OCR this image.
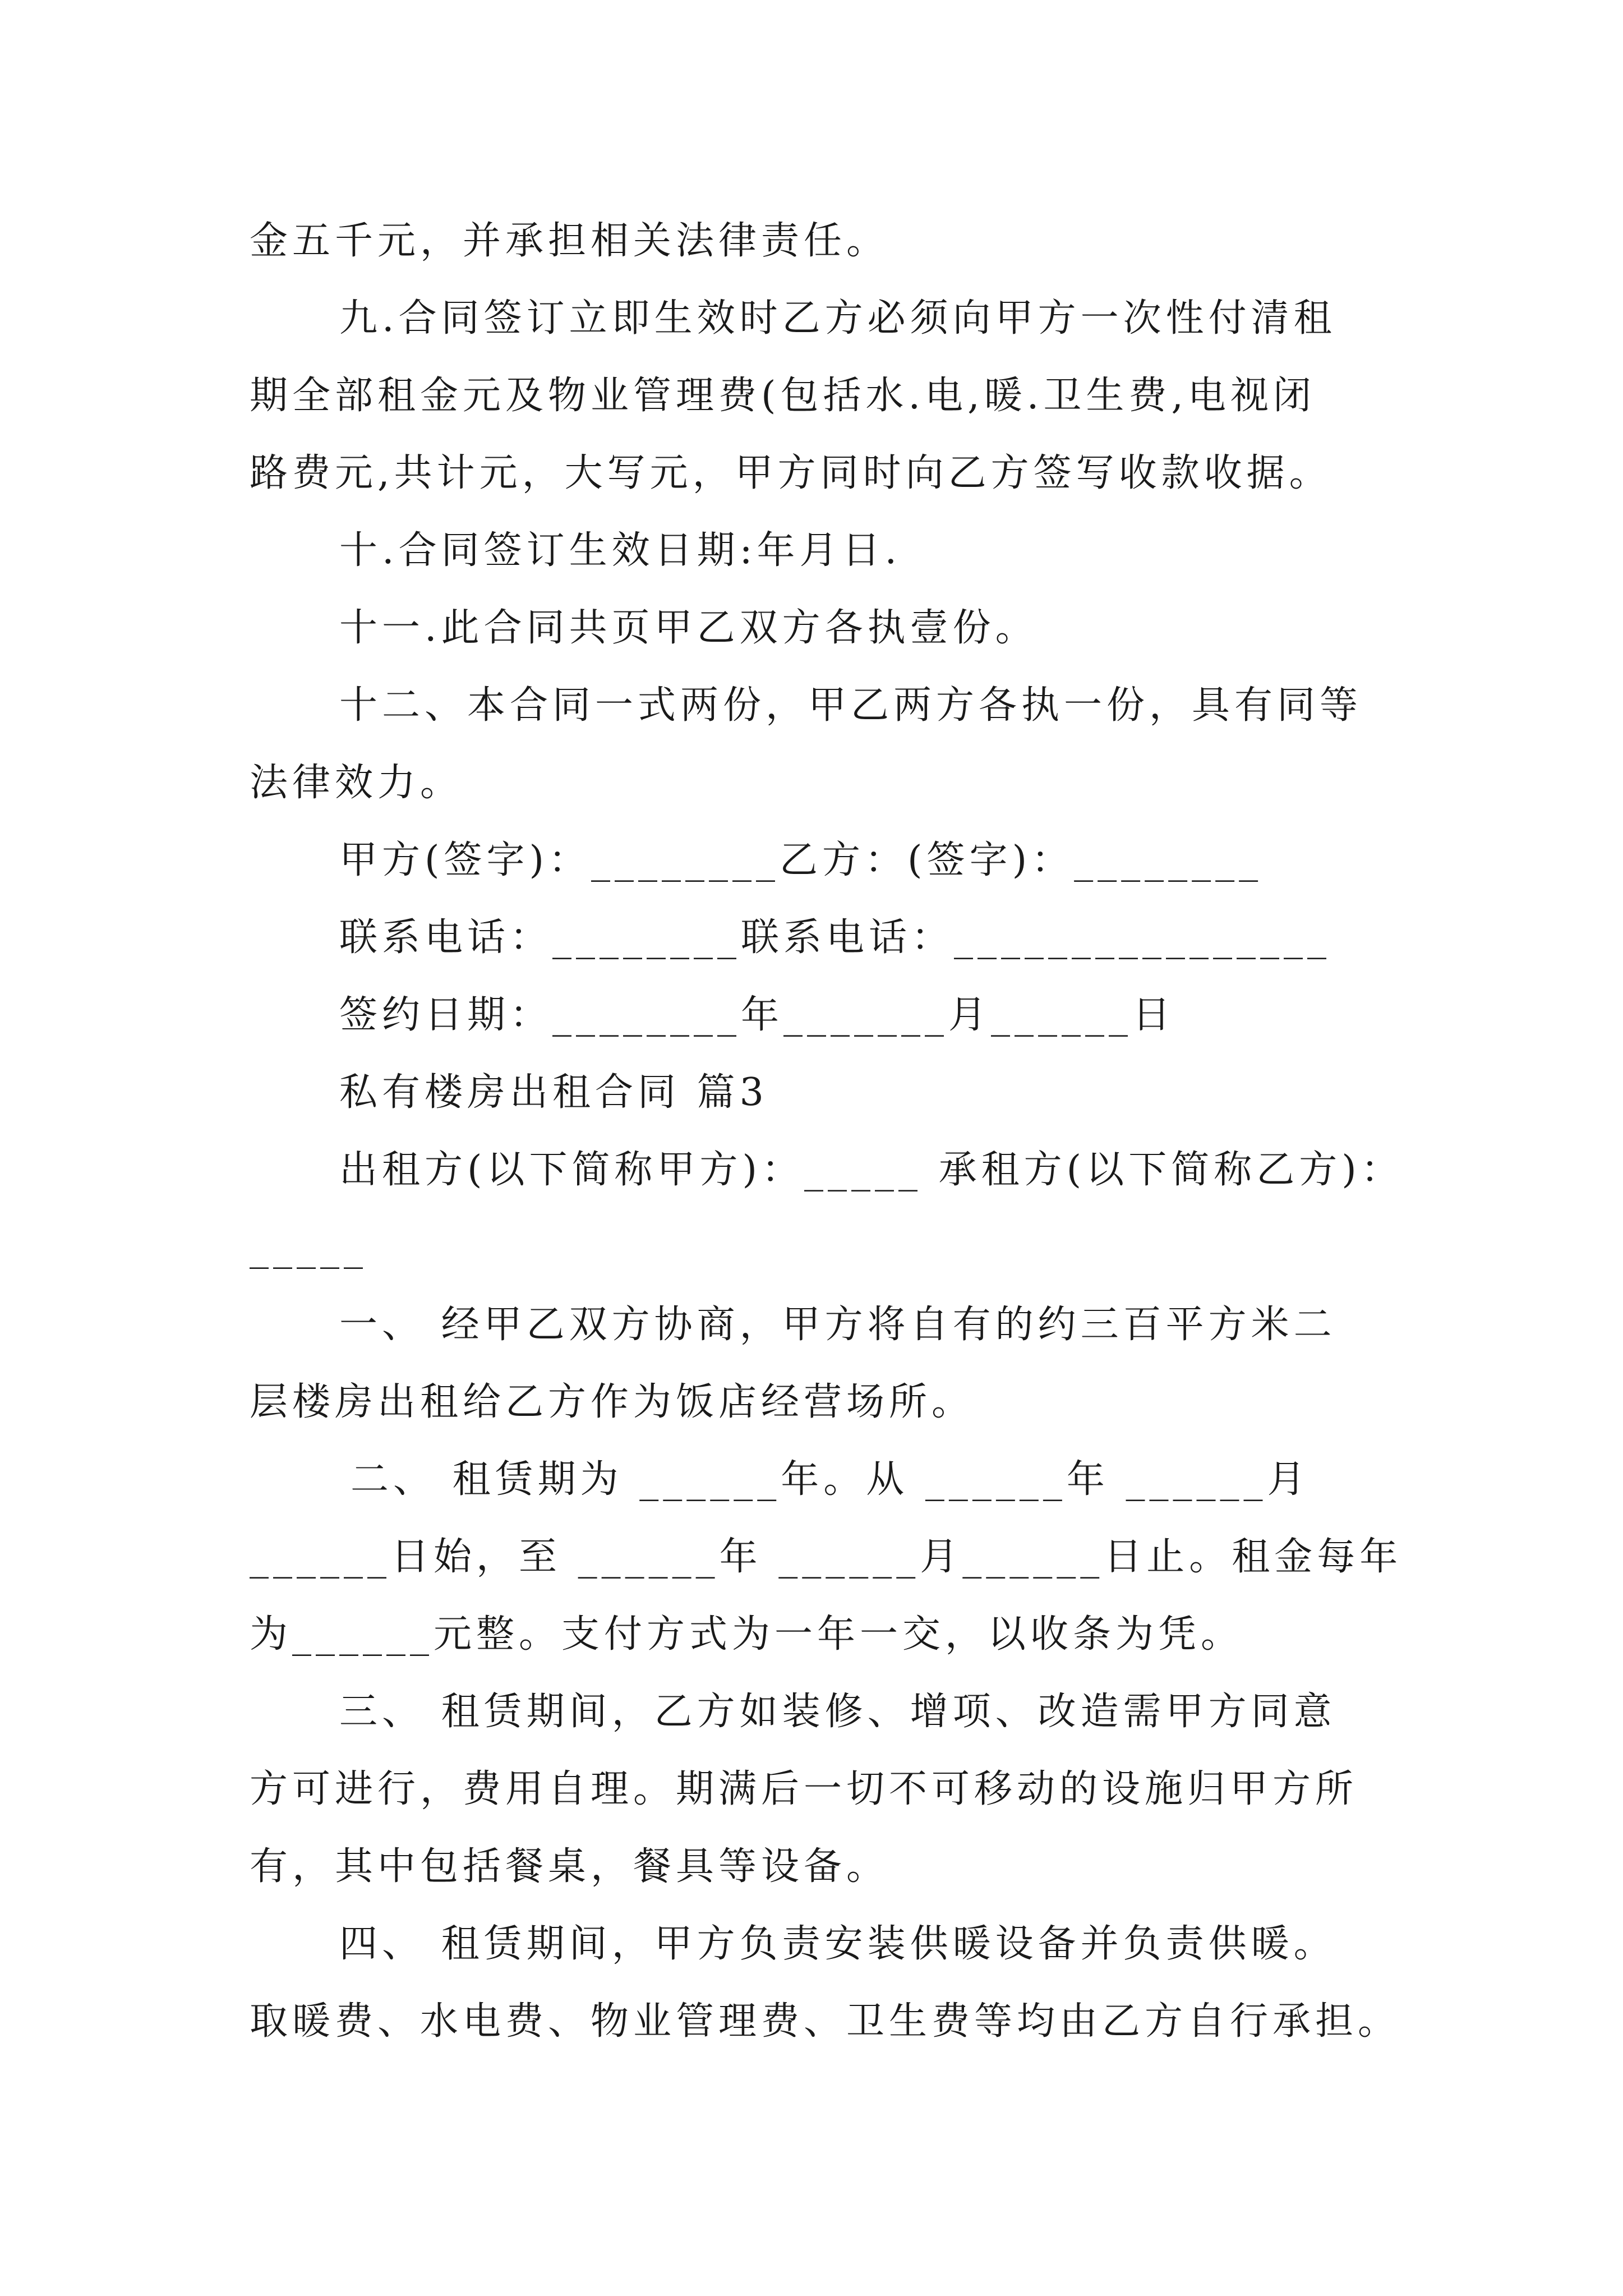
金五千元，并承担相关法律责任。
九.合同签订立即生效时乙方必须向甲方一次性付清租
期全部租金元及物业管理费(包括水.电,暖.卫生费,电视闭
路费元,共计元，大写元，甲方同时向乙方签写收款收据。
十.合同签订生效日期:年月日.
十一.此合同共页甲乙双方各执壹份。
十二、本合同一式两份，甲乙两方各执一份，具有同等
法律效力。
甲方(签字)：________乙方：(签字)：________
联系电话：________联系电话：________________
签约日期：________年_______月______日
私有楼房出租合同 篇3
出租方(以下简称甲方)：_____ 承租方(以下简称乙方)：
_____
一、 经甲乙双方协商，甲方将自有的约三百平方米二
层楼房出租给乙方作为饭店经营场所。
二、 租赁期为 ______年。从 ______年 ______月
______日始，至 ______年 ______月______日止。租金每年
为______元整。支付方式为一年一交，以收条为凭。
三、 租赁期间，乙方如装修、增项、改造需甲方同意
方可进行，费用自理。期满后一切不可移动的设施归甲方所
有，其中包括餐桌，餐具等设备。
四、 租赁期间，甲方负责安装供暖设备并负责供暖。
取暖费、水电费、物业管理费、卫生费等均由乙方自行承担。
